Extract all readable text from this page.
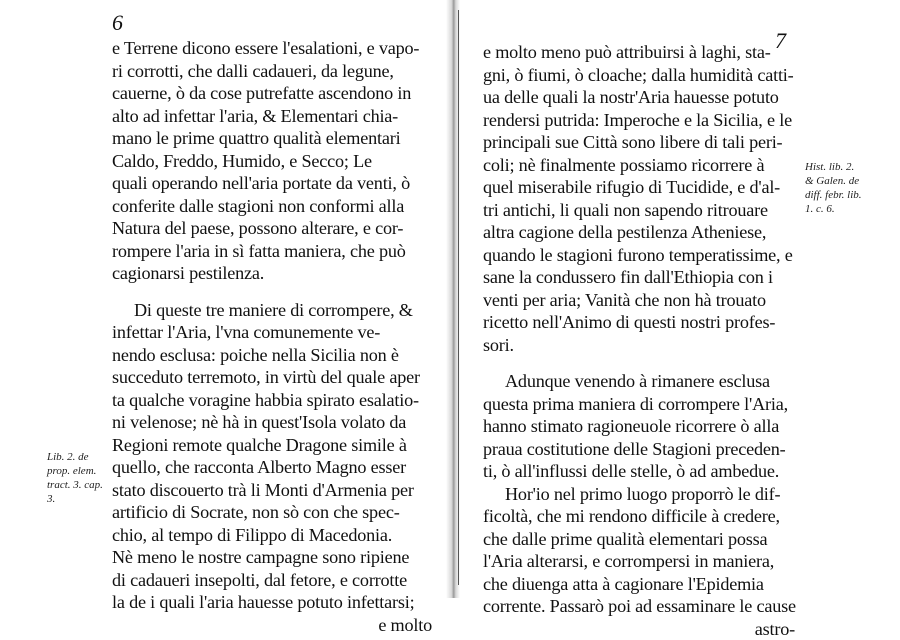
6
e Terrene dicono essere l'esalationi, e vapo-
ri corrotti, che dalli cadaueri, da legune,
cauerne, ò da cose putrefatte ascendono in
alto ad infettar l'aria, & Elementari chia-
mano le prime quattro qualità elementari
Caldo, Freddo, Humido, e Secco; Le
quali operando nell'aria portate da venti, ò
conferite dalle stagioni non conformi alla
Natura del paese, possono alterare, e cor-
rompere l'aria in sì fatta maniera, che può
cagionarsi pestilenza.
Di queste tre maniere di corrompere, &
infettar l'Aria, l'vna comunemente ve-
nendo esclusa: poiche nella Sicilia non è
succeduto terremoto, in virtù del quale aper
ta qualche voragine habbia spirato esalatio-
ni velenose; nè hà in quest'Isola volato da
Regioni remote qualche Dragone simile à
quello, che racconta Alberto Magno esser
stato discouerto trà li Monti d'Armenia per
artificio di Socrate, non sò con che spec-
chio, al tempo di Filippo di Macedonia.
Nè meno le nostre campagne sono ripiene
di cadaueri insepolti, dal fetore, e corrotte
la de i quali l'aria hauesse potuto infettarsi;
e molto
Lib. 2. de
prop. elem.
tract. 3. cap.
3.
7
e molto meno può attribuirsi à laghi, sta-
gni, ò fiumi, ò cloache; dalla humidità catti-
ua delle quali la nostr'Aria hauesse potuto
rendersi putrida: Imperoche e la Sicilia, e le
principali sue Città sono libere di tali peri-
coli; nè finalmente possiamo ricorrere à
quel miserabile rifugio di Tucidide, e d'al-
tri antichi, li quali non sapendo ritrouare
altra cagione della pestilenza Atheniese,
quando le stagioni furono temperatissime, e
sane la condussero fin dall'Ethiopia con i
venti per aria; Vanità che non hà trouato
ricetto nell'Animo di questi nostri profes-
sori.
Adunque venendo à rimanere esclusa
questa prima maniera di corrompere l'Aria,
hanno stimato ragioneuole ricorrere ò alla
praua costitutione delle Stagioni preceden-
ti, ò all'influssi delle stelle, ò ad ambedue.
Hor'io nel primo luogo proporrò le dif-
ficoltà, che mi rendono difficile à credere,
che dalle prime qualità elementari possa
l'Aria alterarsi, e corrompersi in maniera,
che diuenga atta à cagionare l'Epidemia
corrente. Passarò poi ad essaminare le cause
astro-
Hist. lib. 2.
& Galen. de
diff. febr. lib.
1. c. 6.
